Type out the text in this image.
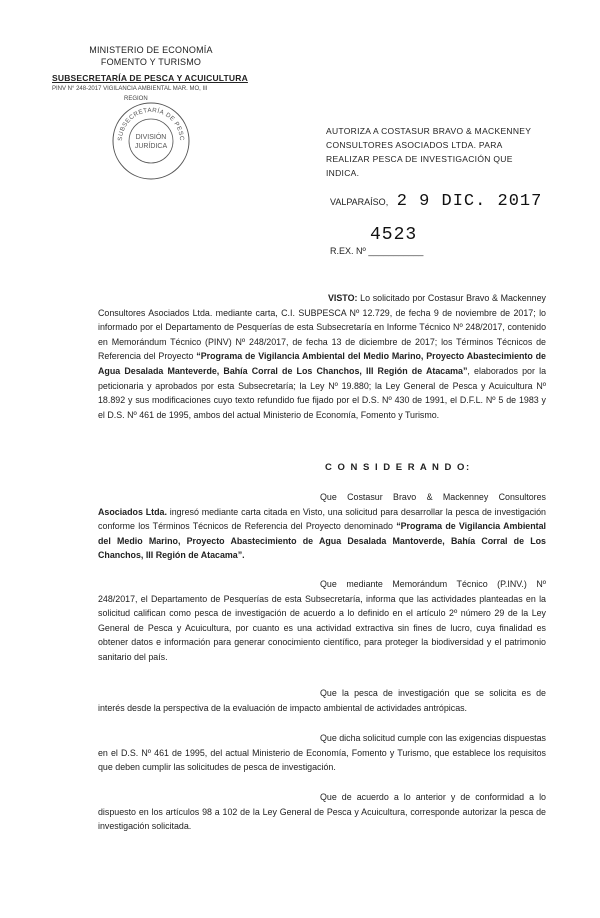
MINISTERIO DE ECONOMÍA
FOMENTO Y TURISMO
SUBSECRETARÍA DE PESCA Y ACUICULTURA
PINV N° 248-2017 VIGILANCIA AMBIENTAL MAR. MO, III
REGION
SUBSECRETARÍA DE PESC
DIVISIÓN
JURÍDICA
AUTORIZA A COSTASUR BRAVO & MACKENNEY CONSULTORES ASOCIADOS LTDA. PARA REALIZAR PESCA DE INVESTIGACIÓN QUE INDICA.
VALPARAÍSO, 2 9 DIC. 2017
4523
R.EX. Nº ___________
VISTO: Lo solicitado por Costasur Bravo & Mackenney Consultores Asociados Ltda. mediante carta, C.I. SUBPESCA Nº 12.729, de fecha 9 de noviembre de 2017; lo informado por el Departamento de Pesquerías de esta Subsecretaría en Informe Técnico Nº 248/2017, contenido en Memorándum Técnico (PINV) Nº 248/2017, de fecha 13 de diciembre de 2017; los Términos Técnicos de Referencia del Proyecto “Programa de Vigilancia Ambiental del Medio Marino, Proyecto Abastecimiento de Agua Desalada Manteverde, Bahía Corral de Los Chanchos, III Región de Atacama”, elaborados por la peticionaria y aprobados por esta Subsecretaría; la Ley Nº 19.880; la Ley General de Pesca y Acuicultura Nº 18.892 y sus modificaciones cuyo texto refundido fue fijado por el D.S. Nº 430 de 1991, el D.F.L. Nº 5 de 1983 y el D.S. Nº 461 de 1995, ambos del actual Ministerio de Economía, Fomento y Turismo.
C O N S I D E R A N D O:
Que Costasur Bravo & Mackenney Consultores Asociados Ltda. ingresó mediante carta citada en Visto, una solicitud para desarrollar la pesca de investigación conforme los Términos Técnicos de Referencia del Proyecto denominado “Programa de Vigilancia Ambiental del Medio Marino, Proyecto Abastecimiento de Agua Desalada Mantoverde, Bahía Corral de Los Chanchos, III Región de Atacama”.
Que mediante Memorándum Técnico (P.INV.) Nº 248/2017, el Departamento de Pesquerías de esta Subsecretaría, informa que las actividades planteadas en la solicitud califican como pesca de investigación de acuerdo a lo definido en el artículo 2º número 29 de la Ley General de Pesca y Acuicultura, por cuanto es una actividad extractiva sin fines de lucro, cuya finalidad es obtener datos e información para generar conocimiento científico, para proteger la biodiversidad y el patrimonio sanitario del país.
Que la pesca de investigación que se solicita es de interés desde la perspectiva de la evaluación de impacto ambiental de actividades antrópicas.
Que dicha solicitud cumple con las exigencias dispuestas en el D.S. Nº 461 de 1995, del actual Ministerio de Economía, Fomento y Turismo, que establece los requisitos que deben cumplir las solicitudes de pesca de investigación.
Que de acuerdo a lo anterior y de conformidad a lo dispuesto en los artículos 98 a 102 de la Ley General de Pesca y Acuicultura, corresponde autorizar la pesca de investigación solicitada.
